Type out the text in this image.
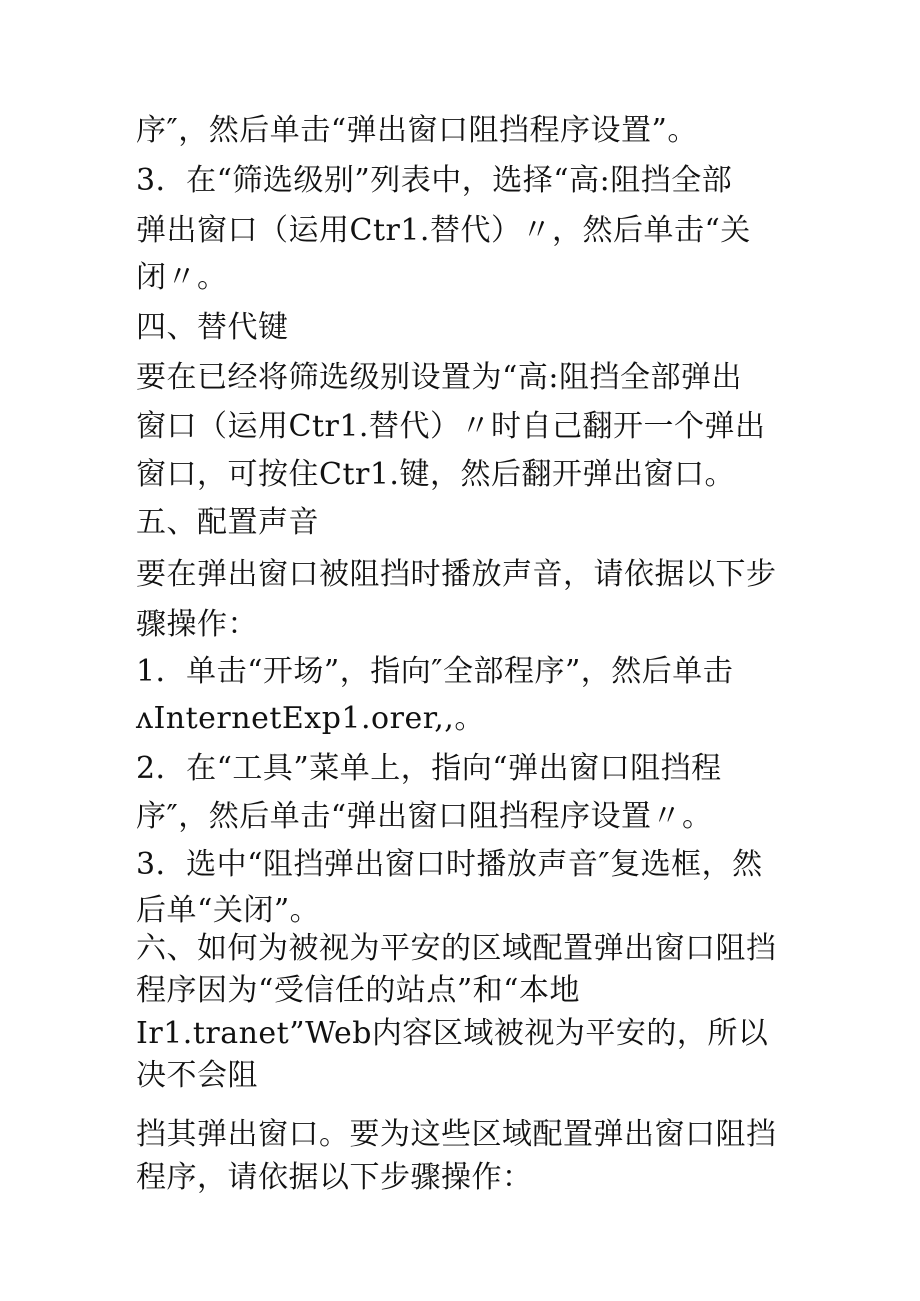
序″，然后单击“弹出窗口阻挡程序设置”。
3．在“筛选级别”列表中，选择“高:阻挡全部
弹出窗口（运用Ctr1.替代）〃，然后单击“关
闭〃。
四、替代键
要在已经将筛选级别设置为“高:阻挡全部弹出
窗口（运用Ctr1.替代）〃时自己翻开一个弹出
窗口，可按住Ctr1.键，然后翻开弹出窗口。
五、配置声音
要在弹出窗口被阻挡时播放声音，请依据以下步
骤操作：
1．单击“开场”，指向″全部程序”，然后单击
ᴧInternetExp1.orer,,。
2．在“工具”菜单上，指向“弹出窗口阻挡程
序″，然后单击“弹出窗口阻挡程序设置〃。
3．选中“阻挡弹出窗口时播放声音″复选框，然
后单“关闭”。
六、如何为被视为平安的区域配置弹出窗口阻挡
程序因为“受信任的站点”和“本地
Ir1.tranet”Web内容区域被视为平安的，所以
决不会阻
挡其弹出窗口。要为这些区域配置弹出窗口阻挡
程序，请依据以下步骤操作：
